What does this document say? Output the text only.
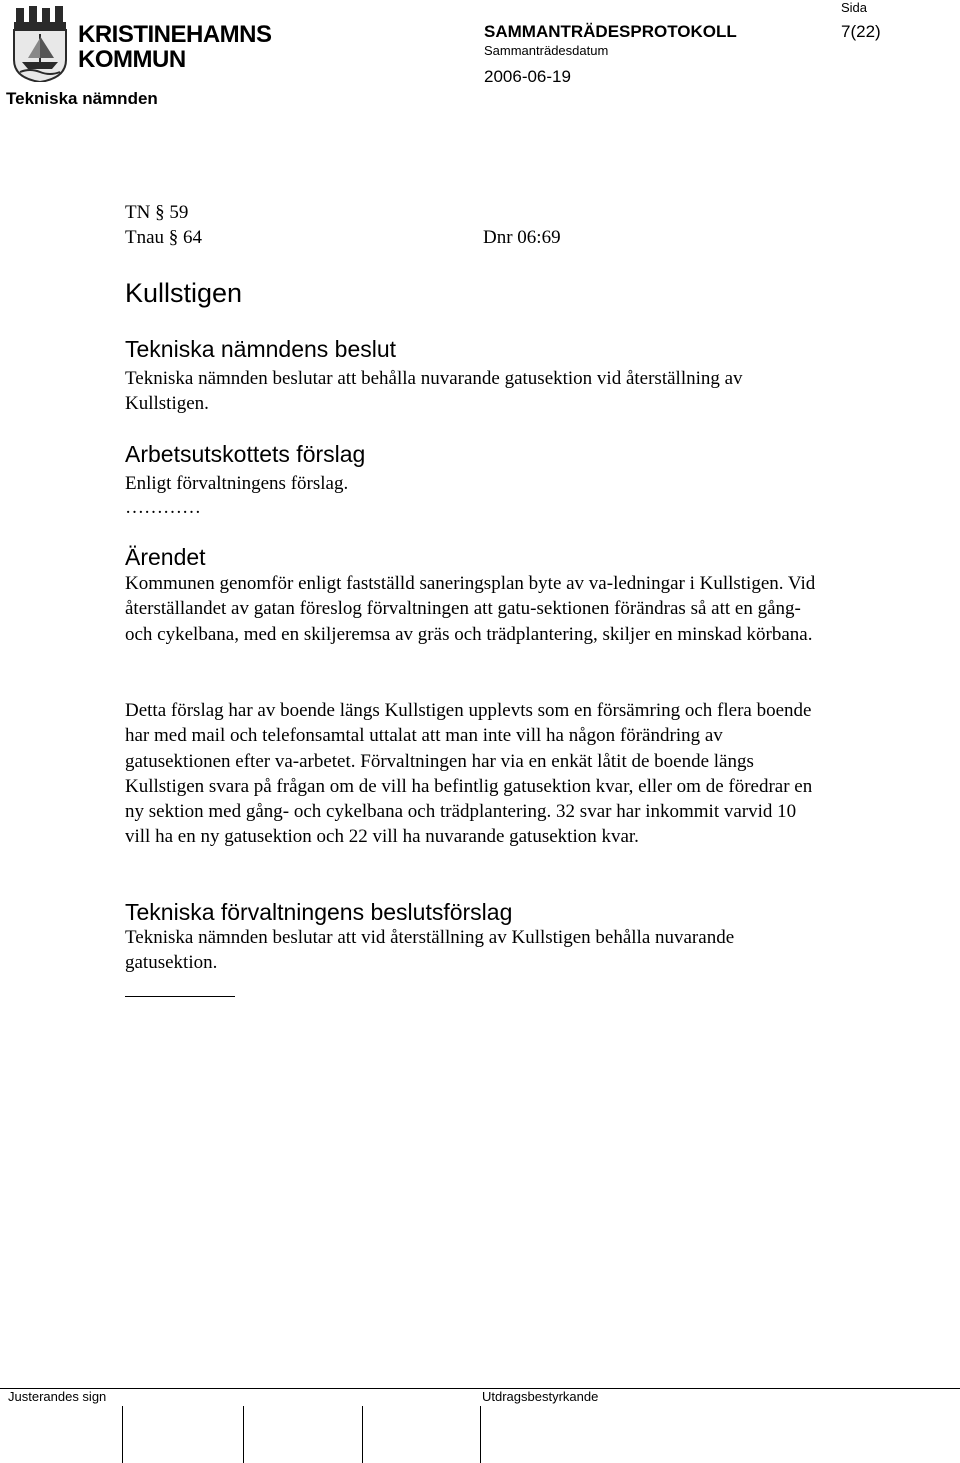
KRISTINEHAMNS
KOMMUN
Sida
SAMMANTRÄDESPROTOKOLL	7(22)
Sammanträdesdatum
2006-06-19
Tekniska nämnden
TN § 59
Tnau § 64	Dnr 06:69
Kullstigen
Tekniska nämndens beslut
Tekniska nämnden beslutar att behålla nuvarande gatusektion vid återställning av Kullstigen.
Arbetsutskottets förslag
Enligt förvaltningens förslag.
…………
Ärendet
Kommunen genomför enligt fastställd saneringsplan byte av va-ledningar i Kullstigen. Vid återställandet av gatan föreslog förvaltningen att gatu-sektionen förändras så att en gång- och cykelbana, med en skiljeremsa av gräs och trädplantering, skiljer en minskad körbana.
Detta förslag har av boende längs Kullstigen upplevts som en försämring och flera boende har med mail och telefonsamtal uttalat att man inte vill ha någon förändring av gatusektionen efter va-arbetet. Förvaltningen har via en enkät låtit de boende längs Kullstigen svara på frågan om de vill ha befintlig gatusektion kvar, eller om de föredrar en ny sektion med gång- och cykelbana och trädplantering. 32 svar har inkommit varvid 10 vill ha en ny gatusektion och 22 vill ha nuvarande gatusektion kvar.
Tekniska förvaltningens beslutsförslag
Tekniska nämnden beslutar att vid återställning av Kullstigen behålla nuvarande gatusektion.
Justerandes sign	Utdragsbestyrkande
